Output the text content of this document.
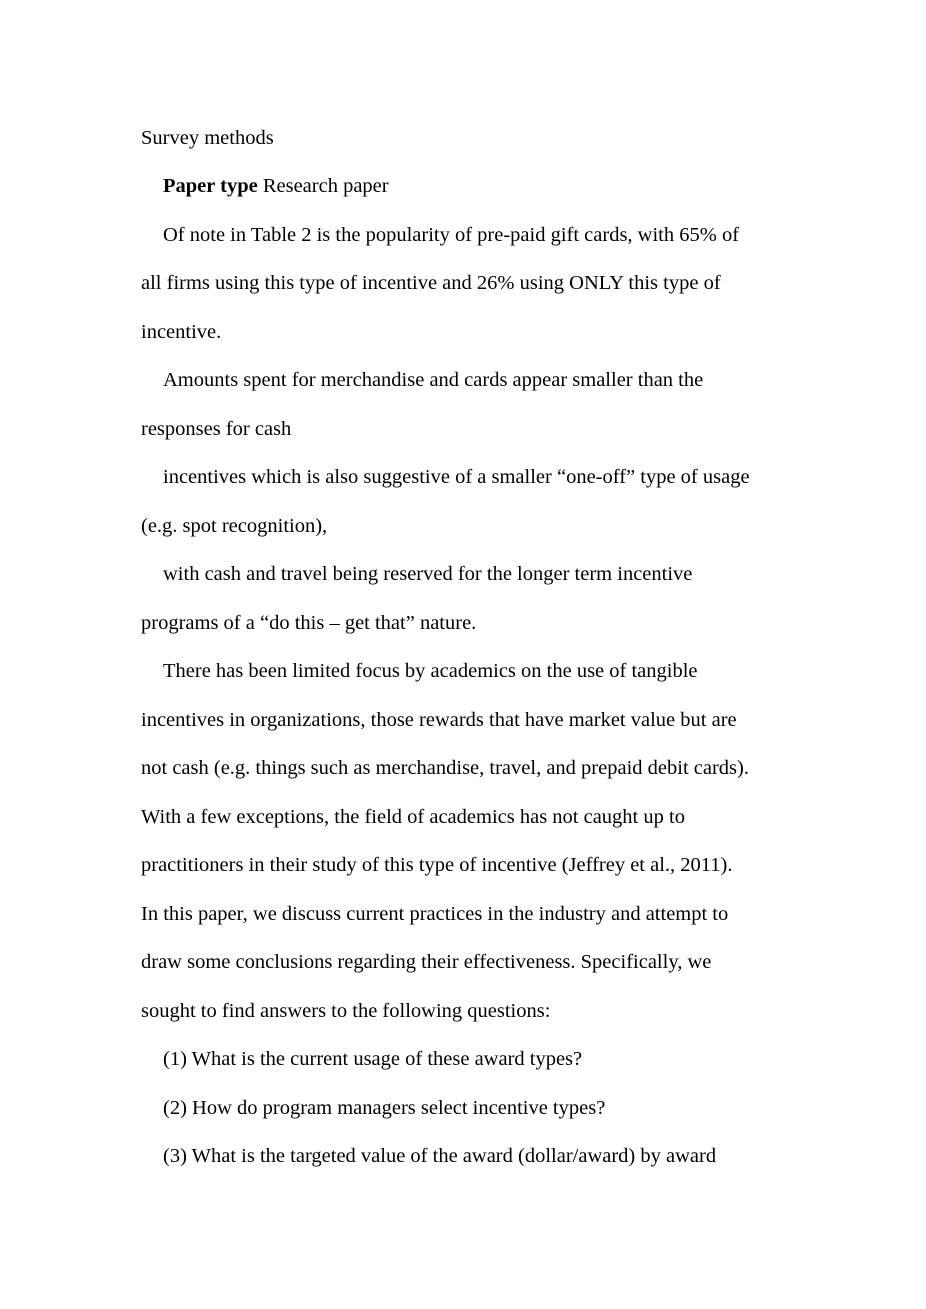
Survey methods

Paper type Research paper

Of note in Table 2 is the popularity of pre-paid gift cards, with 65% of

all firms using this type of incentive and 26% using ONLY this type of

incentive.

Amounts spent for merchandise and cards appear smaller than the

responses for cash

incentives which is also suggestive of a smaller “one-off” type of usage

(e.g. spot recognition),

with cash and travel being reserved for the longer term incentive

programs of a “do this – get that” nature.

There has been limited focus by academics on the use of tangible

incentives in organizations, those rewards that have market value but are

not cash (e.g. things such as merchandise, travel, and prepaid debit cards).

With a few exceptions, the field of academics has not caught up to

practitioners in their study of this type of incentive (Jeffrey et al., 2011).

In this paper, we discuss current practices in the industry and attempt to

draw some conclusions regarding their effectiveness. Specifically, we

sought to find answers to the following questions:

(1) What is the current usage of these award types?

(2) How do program managers select incentive types?

(3) What is the targeted value of the award (dollar/award) by award
